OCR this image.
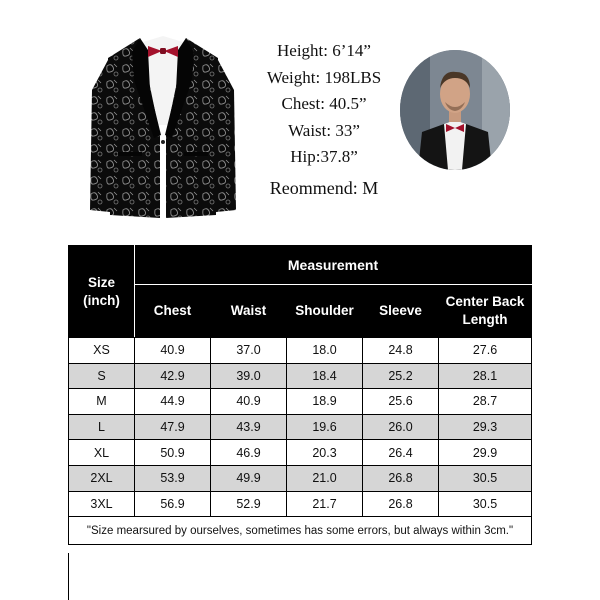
Height: 6’14”
Weight: 198LBS
Chest: 40.5”
Waist: 33”
Hip:37.8”
Reommend: M
Size
(inch)	Measurement				
	Chest	Waist	Shoulder	Sleeve	Center Back
Length

XS	40.9	37.0	18.0	24.8	27.6
S	42.9	39.0	18.4	25.2	28.1
M	44.9	40.9	18.9	25.6	28.7
L	47.9	43.9	19.6	26.0	29.3
XL	50.9	46.9	20.3	26.4	29.9
2XL	53.9	49.9	21.0	26.8	30.5
3XL	56.9	52.9	21.7	26.8	30.5
"Size mearsured by ourselves, sometimes has some errors, but always within 3cm."					
